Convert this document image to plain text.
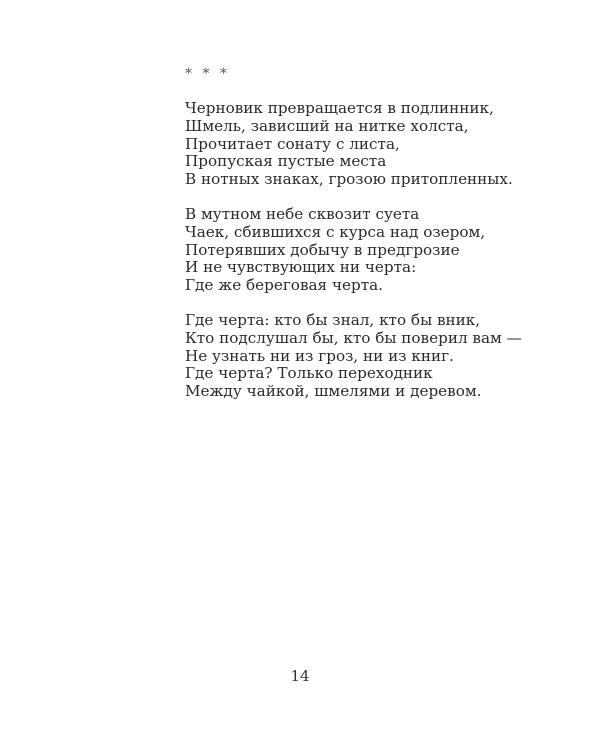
* * *
Черновик превращается в подлинник,
Шмель, зависший на нитке холста,
Прочитает сонату с листа,
Пропуская пустые места
В нотных знаках, грозою притопленных.
В мутном небе сквозит суета
Чаек, сбившихся с курса над озером,
Потерявших добычу в предгрозие
И не чувствующих ни черта:
Где же береговая черта.
Где черта: кто бы знал, кто бы вник,
Кто подслушал бы, кто бы поверил вам —
Не узнать ни из гроз, ни из книг.
Где черта? Только переходник
Между чайкой, шмелями и деревом.
14
